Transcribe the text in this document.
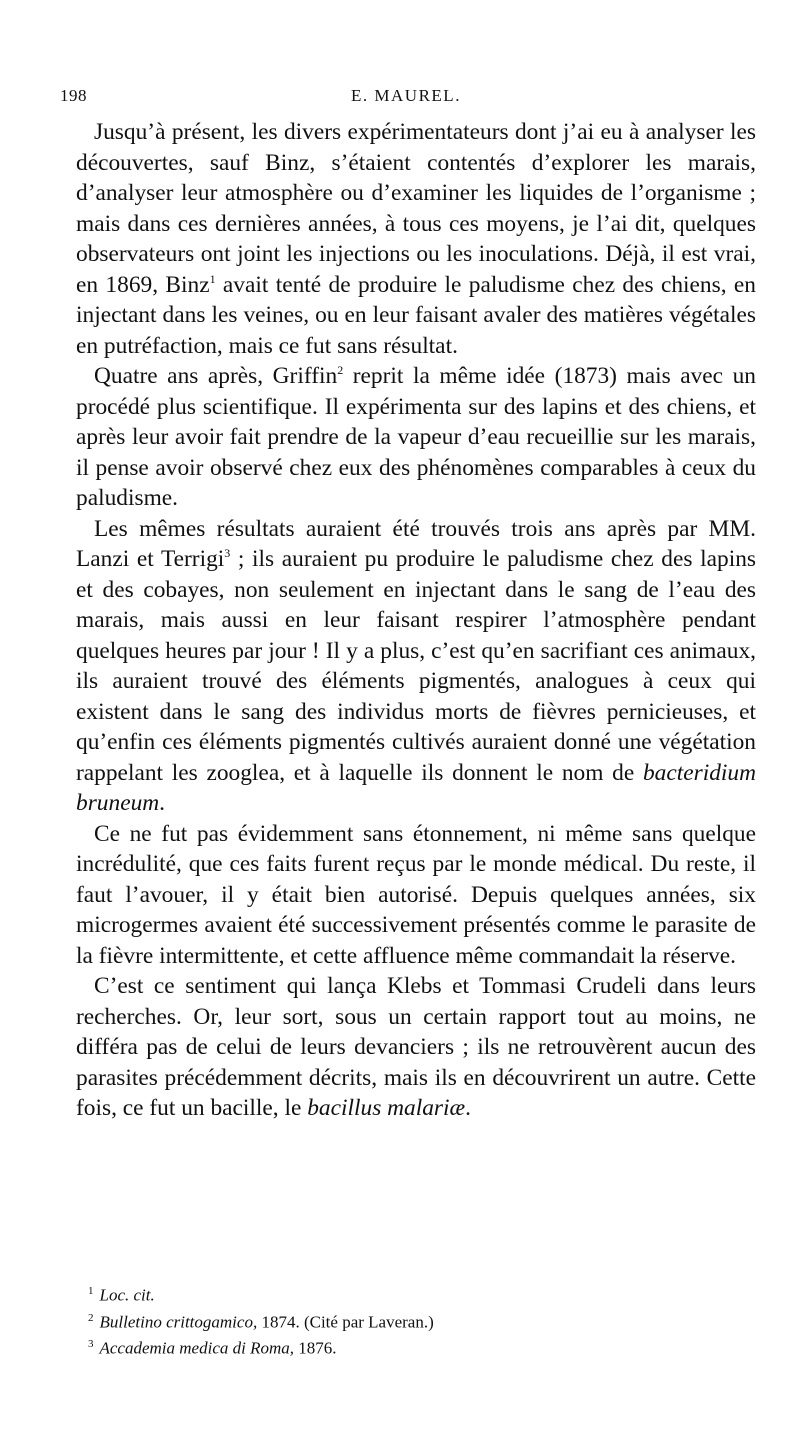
198	E. MAUREL.

Jusqu’à présent, les divers expérimentateurs dont j’ai eu à analyser les découvertes, sauf Binz, s’étaient contentés d’explorer les marais, d’analyser leur atmosphère ou d’examiner les liquides de l’organisme ; mais dans ces dernières années, à tous ces moyens, je l’ai dit, quelques observateurs ont joint les injections ou les inoculations. Déjà, il est vrai, en 1869, Binz$^1$ avait tenté de produire le paludisme chez des chiens, en injectant dans les veines, ou en leur faisant avaler des matières végétales en putréfaction, mais ce fut sans résultat.

Quatre ans après, Griffin$^2$ reprit la même idée (1873) mais avec un procédé plus scientifique. Il expérimenta sur des lapins et des chiens, et après leur avoir fait prendre de la vapeur d’eau recueillie sur les marais, il pense avoir observé chez eux des phénomènes comparables à ceux du paludisme.

Les mêmes résultats auraient été trouvés trois ans après par MM. Lanzi et Terrigi$^3$ ; ils auraient pu produire le paludisme chez des lapins et des cobayes, non seulement en injectant dans le sang de l’eau des marais, mais aussi en leur faisant respirer l’atmosphère pendant quelques heures par jour ! Il y a plus, c’est qu’en sacrifiant ces animaux, ils auraient trouvé des éléments pigmentés, analogues à ceux qui existent dans le sang des individus morts de fièvres pernicieuses, et qu’enfin ces éléments pigmentés cultivés auraient donné une végétation rappelant les zooglea, et à laquelle ils donnent le nom de bacteridium bruneum.

Ce ne fut pas évidemment sans étonnement, ni même sans quelque incrédulité, que ces faits furent reçus par le monde médical. Du reste, il faut l’avouer, il y était bien autorisé. Depuis quelques années, six microgermes avaient été successivement présentés comme le parasite de la fièvre intermittente, et cette affluence même commandait la réserve.

C’est ce sentiment qui lança Klebs et Tommasi Crudeli dans leurs recherches. Or, leur sort, sous un certain rapport tout au moins, ne différa pas de celui de leurs devanciers ; ils ne retrouvèrent aucun des parasites précédemment décrits, mais ils en découvrirent un autre. Cette fois, ce fut un bacille, le bacillus malariæ.

$^1$ Loc. cit.
$^2$ Bulletino crittogamico, 1874. (Cité par Laveran.)
$^3$ Accademia medica di Roma, 1876.
